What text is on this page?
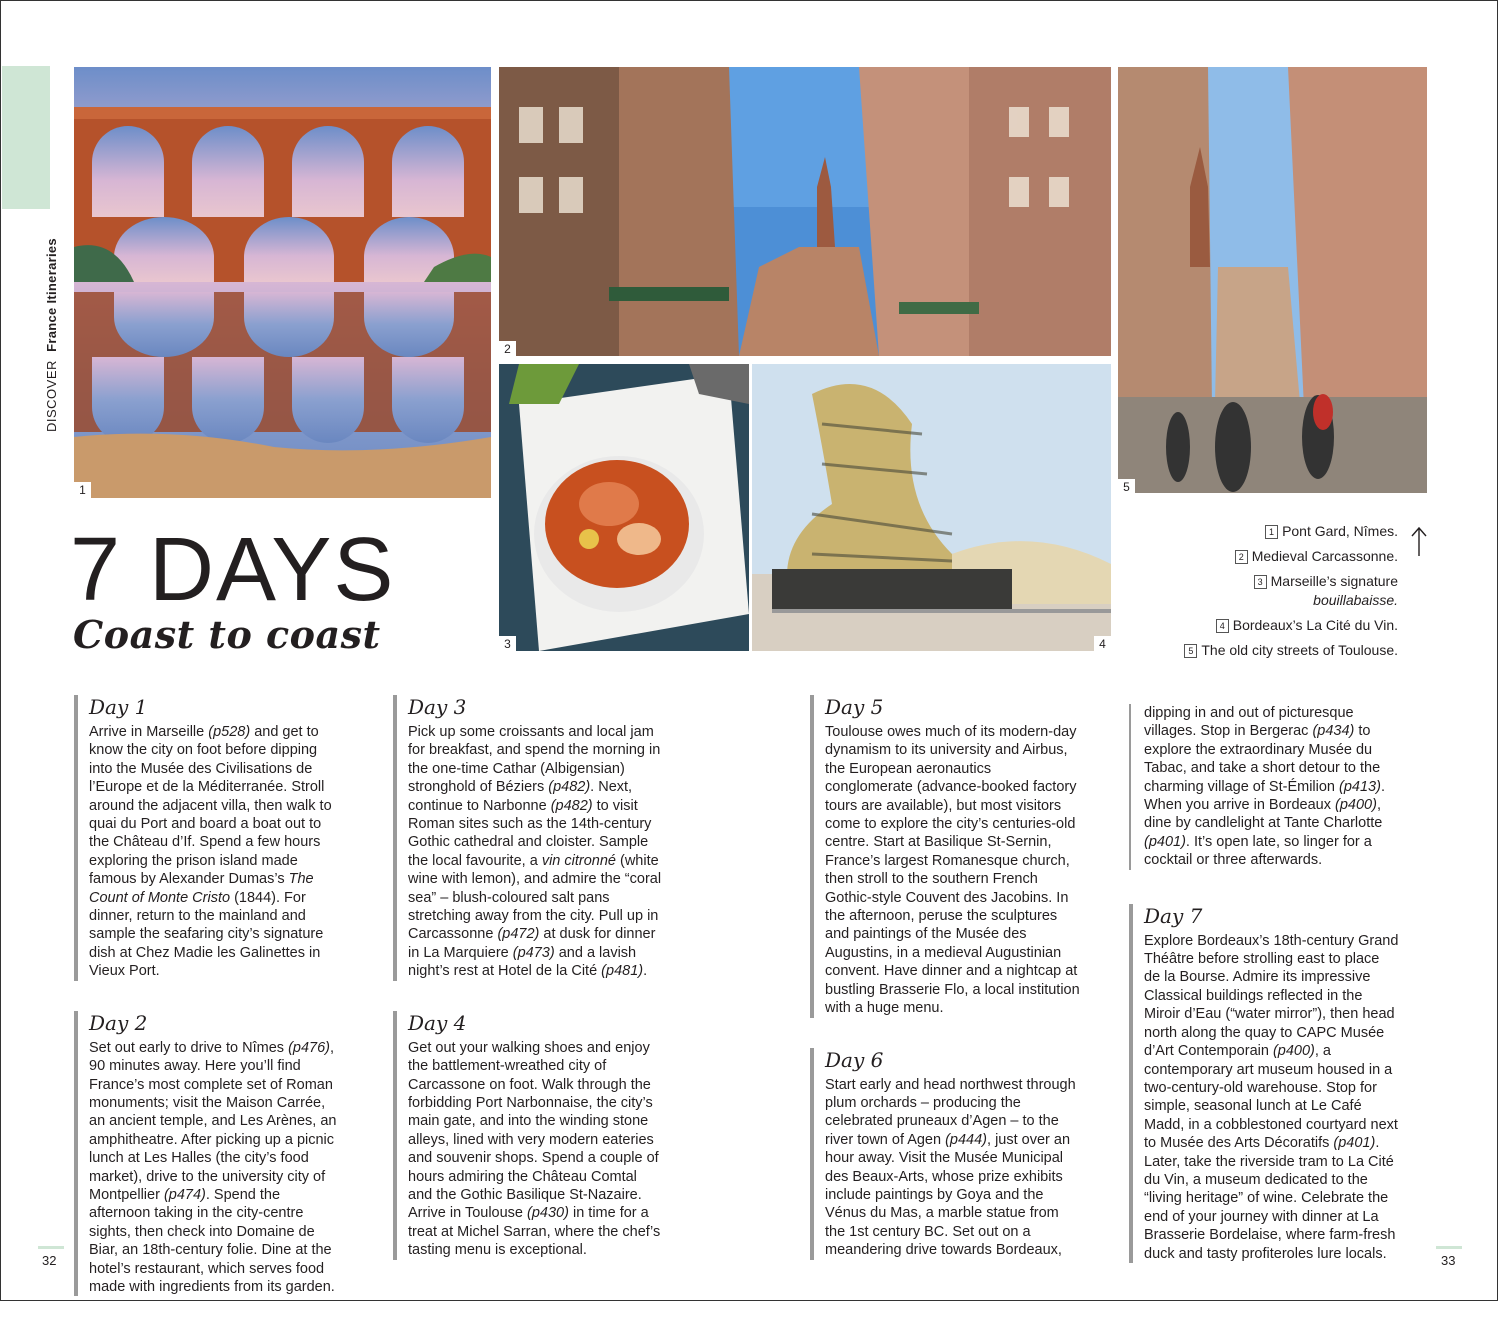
DISCOVER  France Itineraries
1
2
3	4
5
7 DAYS
Coast to coast
1 Pont Gard, Nîmes.
2 Medieval Carcassonne.
3 Marseille’s signature
bouillabaisse.
4 Bordeaux’s La Cité du Vin.
5 The old city streets of Toulouse.
Day 1

Arrive in Marseille (p528) and get to know the city on foot before dipping into the Musée des Civilisations de l’Europe et de la Méditerranée. Stroll around the adjacent villa, then walk to quai du Port and board a boat out to the Château d’If. Spend a few hours exploring the prison island made famous by Alexander Dumas’s The Count of Monte Cristo (1844). For dinner, return to the mainland and sample the seafaring city’s signature dish at Chez Madie les Galinettes in Vieux Port.

Day 2

Set out early to drive to Nîmes (p476), 90 minutes away. Here you’ll find France’s most complete set of Roman monuments; visit the Maison Carrée, an ancient temple, and Les Arènes, an amphitheatre. After picking up a picnic lunch at Les Halles (the city’s food market), drive to the university city of Montpellier (p474). Spend the afternoon taking in the city-centre sights, then check into Domaine de Biar, an 18th-century folie. Dine at the hotel’s restaurant, which serves food made with ingredients from its garden.

Day 3

Pick up some croissants and local jam for breakfast, and spend the morning in the one-time Cathar (Albigensian) stronghold of Béziers (p482). Next, continue to Narbonne (p482) to visit Roman sites such as the 14th-century Gothic cathedral and cloister. Sample the local favourite, a vin citronné (white wine with lemon), and admire the “coral sea” – blush-coloured salt pans stretching away from the city. Pull up in Carcassonne (p472) at dusk for dinner in La Marquiere (p473) and a lavish night’s rest at Hotel de la Cité (p481).

Day 4

Get out your walking shoes and enjoy the battlement-wreathed city of Carcassone on foot. Walk through the forbidding Port Narbonnaise, the city’s main gate, and into the winding stone alleys, lined with very modern eateries and souvenir shops. Spend a couple of hours admiring the Château Comtal and the Gothic Basilique St-Nazaire. Arrive in Toulouse (p430) in time for a treat at Michel Sarran, where the chef’s tasting menu is exceptional.

Day 5

Toulouse owes much of its modern-day dynamism to its university and Airbus, the European aeronautics conglomerate (advance-booked factory tours are available), but most visitors come to explore the city’s centuries-old centre. Start at Basilique St-Sernin, France’s largest Romanesque church, then stroll to the southern French Gothic-style Couvent des Jacobins. In the afternoon, peruse the sculptures and paintings of the Musée des Augustins, in a medieval Augustinian convent. Have dinner and a nightcap at bustling Brasserie Flo, a local institution with a huge menu.

Day 6

Start early and head northwest through plum orchards – producing the celebrated pruneaux d’Agen – to the river town of Agen (p444), just over an hour away. Visit the Musée Municipal des Beaux-Arts, whose prize exhibits include paintings by Goya and the Vénus du Mas, a marble statue from the 1st century BC. Set out on a meandering drive towards Bordeaux,

dipping in and out of picturesque villages. Stop in Bergerac (p434) to explore the extraordinary Musée du Tabac, and take a short detour to the charming village of St-Émilion (p413). When you arrive in Bordeaux (p400), dine by candlelight at Tante Charlotte (p401). It’s open late, so linger for a cocktail or three afterwards.

Day 7

Explore Bordeaux’s 18th-century Grand Théâtre before strolling east to place de la Bourse. Admire its impressive Classical buildings reflected in the Miroir d’Eau (“water mirror”), then head north along the quay to CAPC Musée d’Art Contemporain (p400), a contemporary art museum housed in a two-century-old warehouse. Stop for simple, seasonal lunch at Le Café Madd, in a cobblestoned courtyard next to Musée des Arts Décoratifs (p401). Later, take the riverside tram to La Cité du Vin, a museum dedicated to the “living heritage” of wine. Celebrate the end of your journey with dinner at La Brasserie Bordelaise, where farm-fresh duck and tasty profiteroles lure locals.

32	33
